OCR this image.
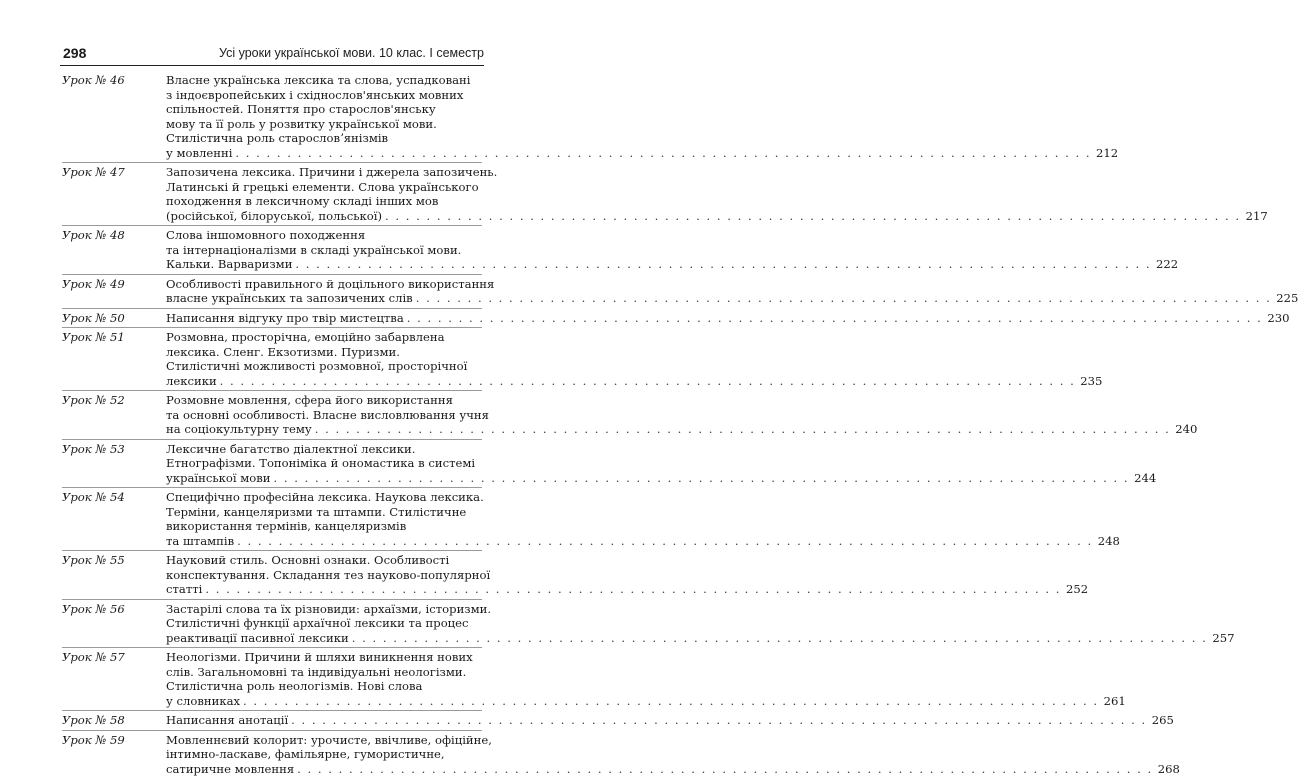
298	Усі уроки української мови. 10 клас. І семестр
Урок № 46	Власне українська лексика та слова, успадковані
з індоєвропейських і східнослов'янських мовних
спільностей. Поняття про старослов'янську
мову та її роль у розвитку української мови.
Стилістична роль старословʼянізмів
у мовленні . . .	212
Урок № 47	Запозичена лексика. Причини і джерела запозичень.
Латинські й грецькі елементи. Слова українського
походження в лексичному складі інших мов
(російської, білоруської, польської) . . .	217
Урок № 48	Слова іншомовного походження
та інтернаціоналізми в складі української мови.
Кальки. Варваризми . . .	222
Урок № 49	Особливості правильного й доцільного використання
власне українських та запозичених слів . . .	225
Урок № 50	Написання відгуку про твір мистецтва . . .	230
Урок № 51	Розмовна, просторічна, емоційно забарвлена
лексика. Сленг. Екзотизми. Пуризми.
Стилістичні можливості розмовної, просторічної
лексики . . .	235
Урок № 52	Розмовне мовлення, сфера його використання
та основні особливості. Власне висловлювання учня
на соціокультурну тему . . .	240
Урок № 53	Лексичне багатство діалектної лексики.
Етнографізми. Топоніміка й ономастика в системі
української мови . . .	244
Урок № 54	Специфічно професійна лексика. Наукова лексика.
Терміни, канцеляризми та штампи. Стилістичне
використання термінів, канцеляризмів
та штампів . . .	248
Урок № 55	Науковий стиль. Основні ознаки. Особливості
конспектування. Складання тез науково-популярної
статті . . .	252
Урок № 56	Застарілі слова та їх різновиди: архаїзми, історизми.
Стилістичні функції архаїчної лексики та процес
реактивації пасивної лексики . . .	257
Урок № 57	Неологізми. Причини й шляхи виникнення нових
слів. Загальномовні та індивідуальні неологізми.
Стилістична роль неологізмів. Нові слова
у словниках . . .	261
Урок № 58	Написання анотації . . .	265
Урок № 59	Мовленнєвий колорит: урочисте, ввічливе, офіційне,
інтимно-ласкаве, фамільярне, гумористичне,
сатиричне мовлення . . .	268
